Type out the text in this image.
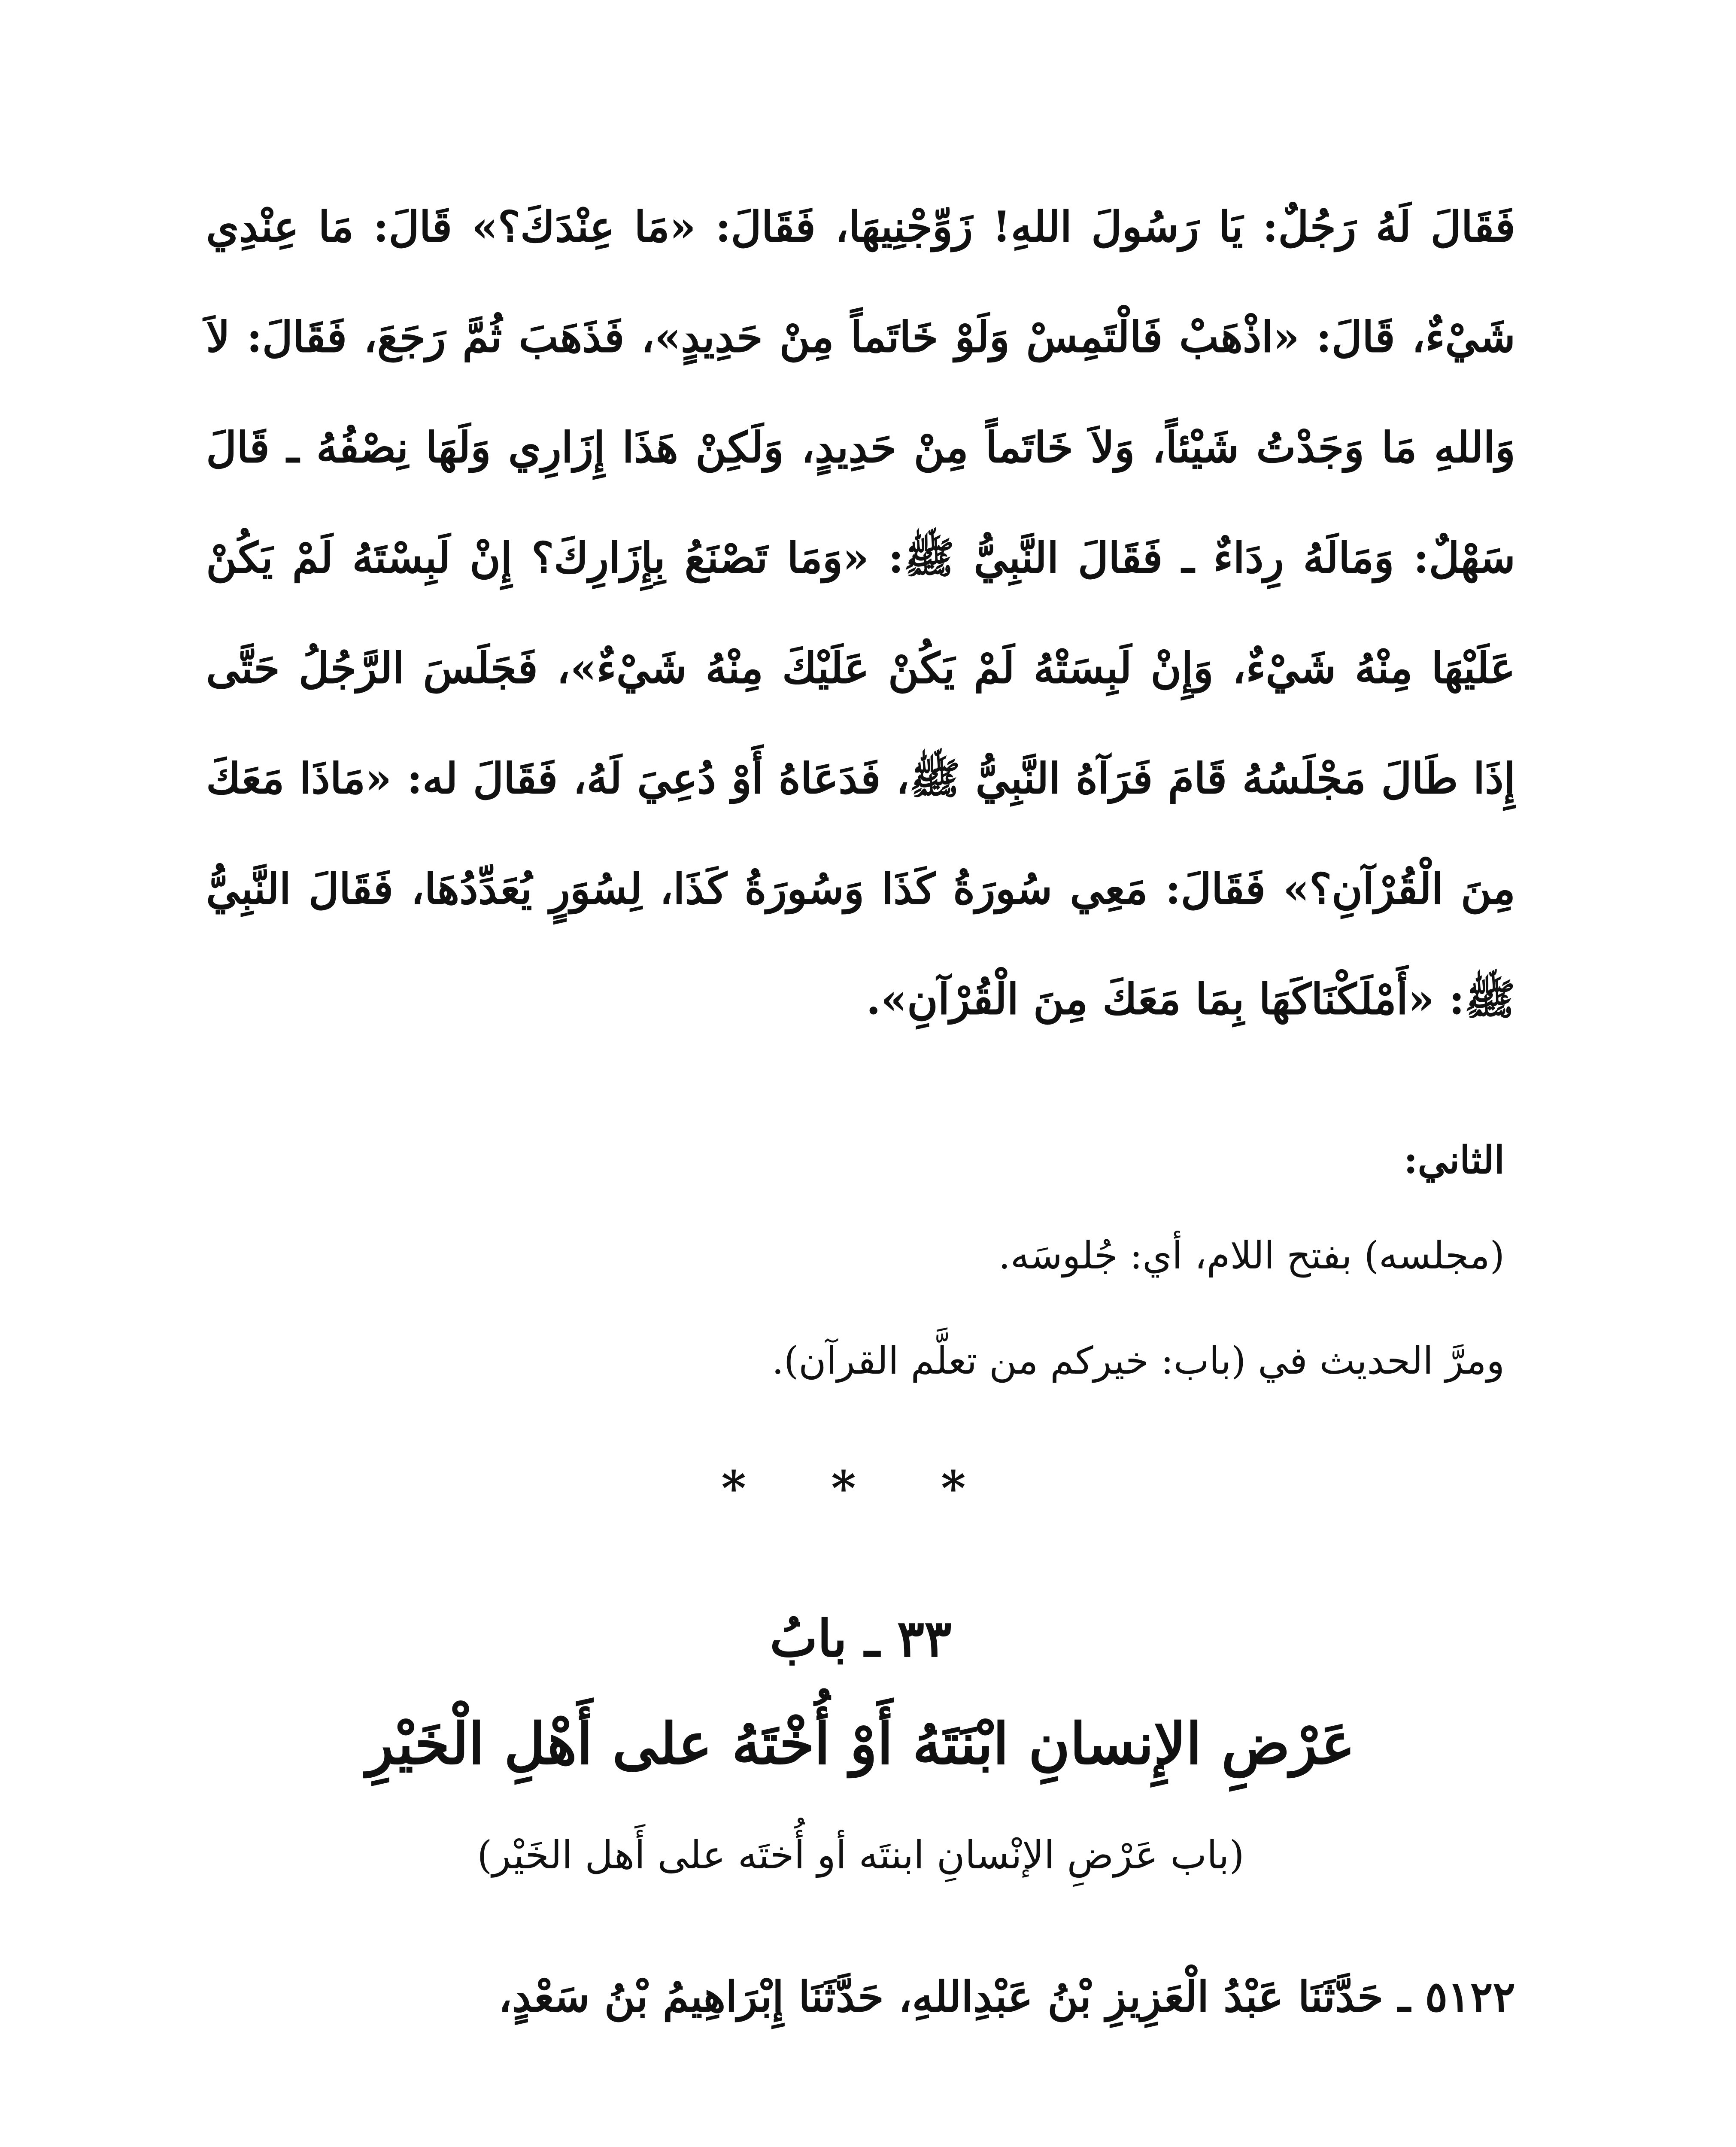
فَقَالَ لَهُ رَجُلٌ: يَا رَسُولَ اللهِ! زَوِّجْنِيهَا، فَقَالَ: «مَا عِنْدَكَ؟» قَالَ: مَا عِنْدِي شَيْءٌ، قَالَ: «اذْهَبْ فَالْتَمِسْ وَلَوْ خَاتَماً مِنْ حَدِيدٍ»، فَذَهَبَ ثُمَّ رَجَعَ، فَقَالَ: لاَ وَاللهِ مَا وَجَدْتُ شَيْئاً، وَلاَ خَاتَماً مِنْ حَدِيدٍ، وَلَكِنْ هَذَا إِزَارِي وَلَهَا نِصْفُهُ ـ قَالَ سَهْلٌ: وَمَالَهُ رِدَاءٌ ـ فَقَالَ النَّبِيُّ ﷺ: «وَمَا تَصْنَعُ بِإِزَارِكَ؟ إِنْ لَبِسْتَهُ لَمْ يَكُنْ عَلَيْهَا مِنْهُ شَيْءٌ، وَإِنْ لَبِسَتْهُ لَمْ يَكُنْ عَلَيْكَ مِنْهُ شَيْءٌ»، فَجَلَسَ الرَّجُلُ حَتَّى إِذَا طَالَ مَجْلَسُهُ قَامَ فَرَآهُ النَّبِيُّ ﷺ، فَدَعَاهُ أَوْ دُعِيَ لَهُ، فَقَالَ له: «مَاذَا مَعَكَ مِنَ الْقُرْآنِ؟» فَقَالَ: مَعِي سُورَةُ كَذَا وَسُورَةُ كَذَا، لِسُوَرٍ يُعَدِّدُهَا، فَقَالَ النَّبِيُّ ﷺ: «أَمْلَكْنَاكَهَا بِمَا مَعَكَ مِنَ الْقُرْآنِ».

الثاني:

(مجلسه) بفتح اللام، أي: جُلوسَه.

ومرَّ الحديث في (باب: خيركم من تعلَّم القرآن).

* * *
٣٣ ـ بابُ
عَرْضِ الإِنسانِ ابْنَتَهُ أَوْ أُخْتَهُ على أَهْلِ الْخَيْرِ
(باب عَرْضِ الإنْسانِ ابنتَه أو أُختَه على أَهل الخَيْر)

٥١٢٢ ـ حَدَّثَنَا عَبْدُ الْعَزِيزِ بْنُ عَبْدِاللهِ، حَدَّثَنَا إِبْرَاهِيمُ بْنُ سَعْدٍ،
